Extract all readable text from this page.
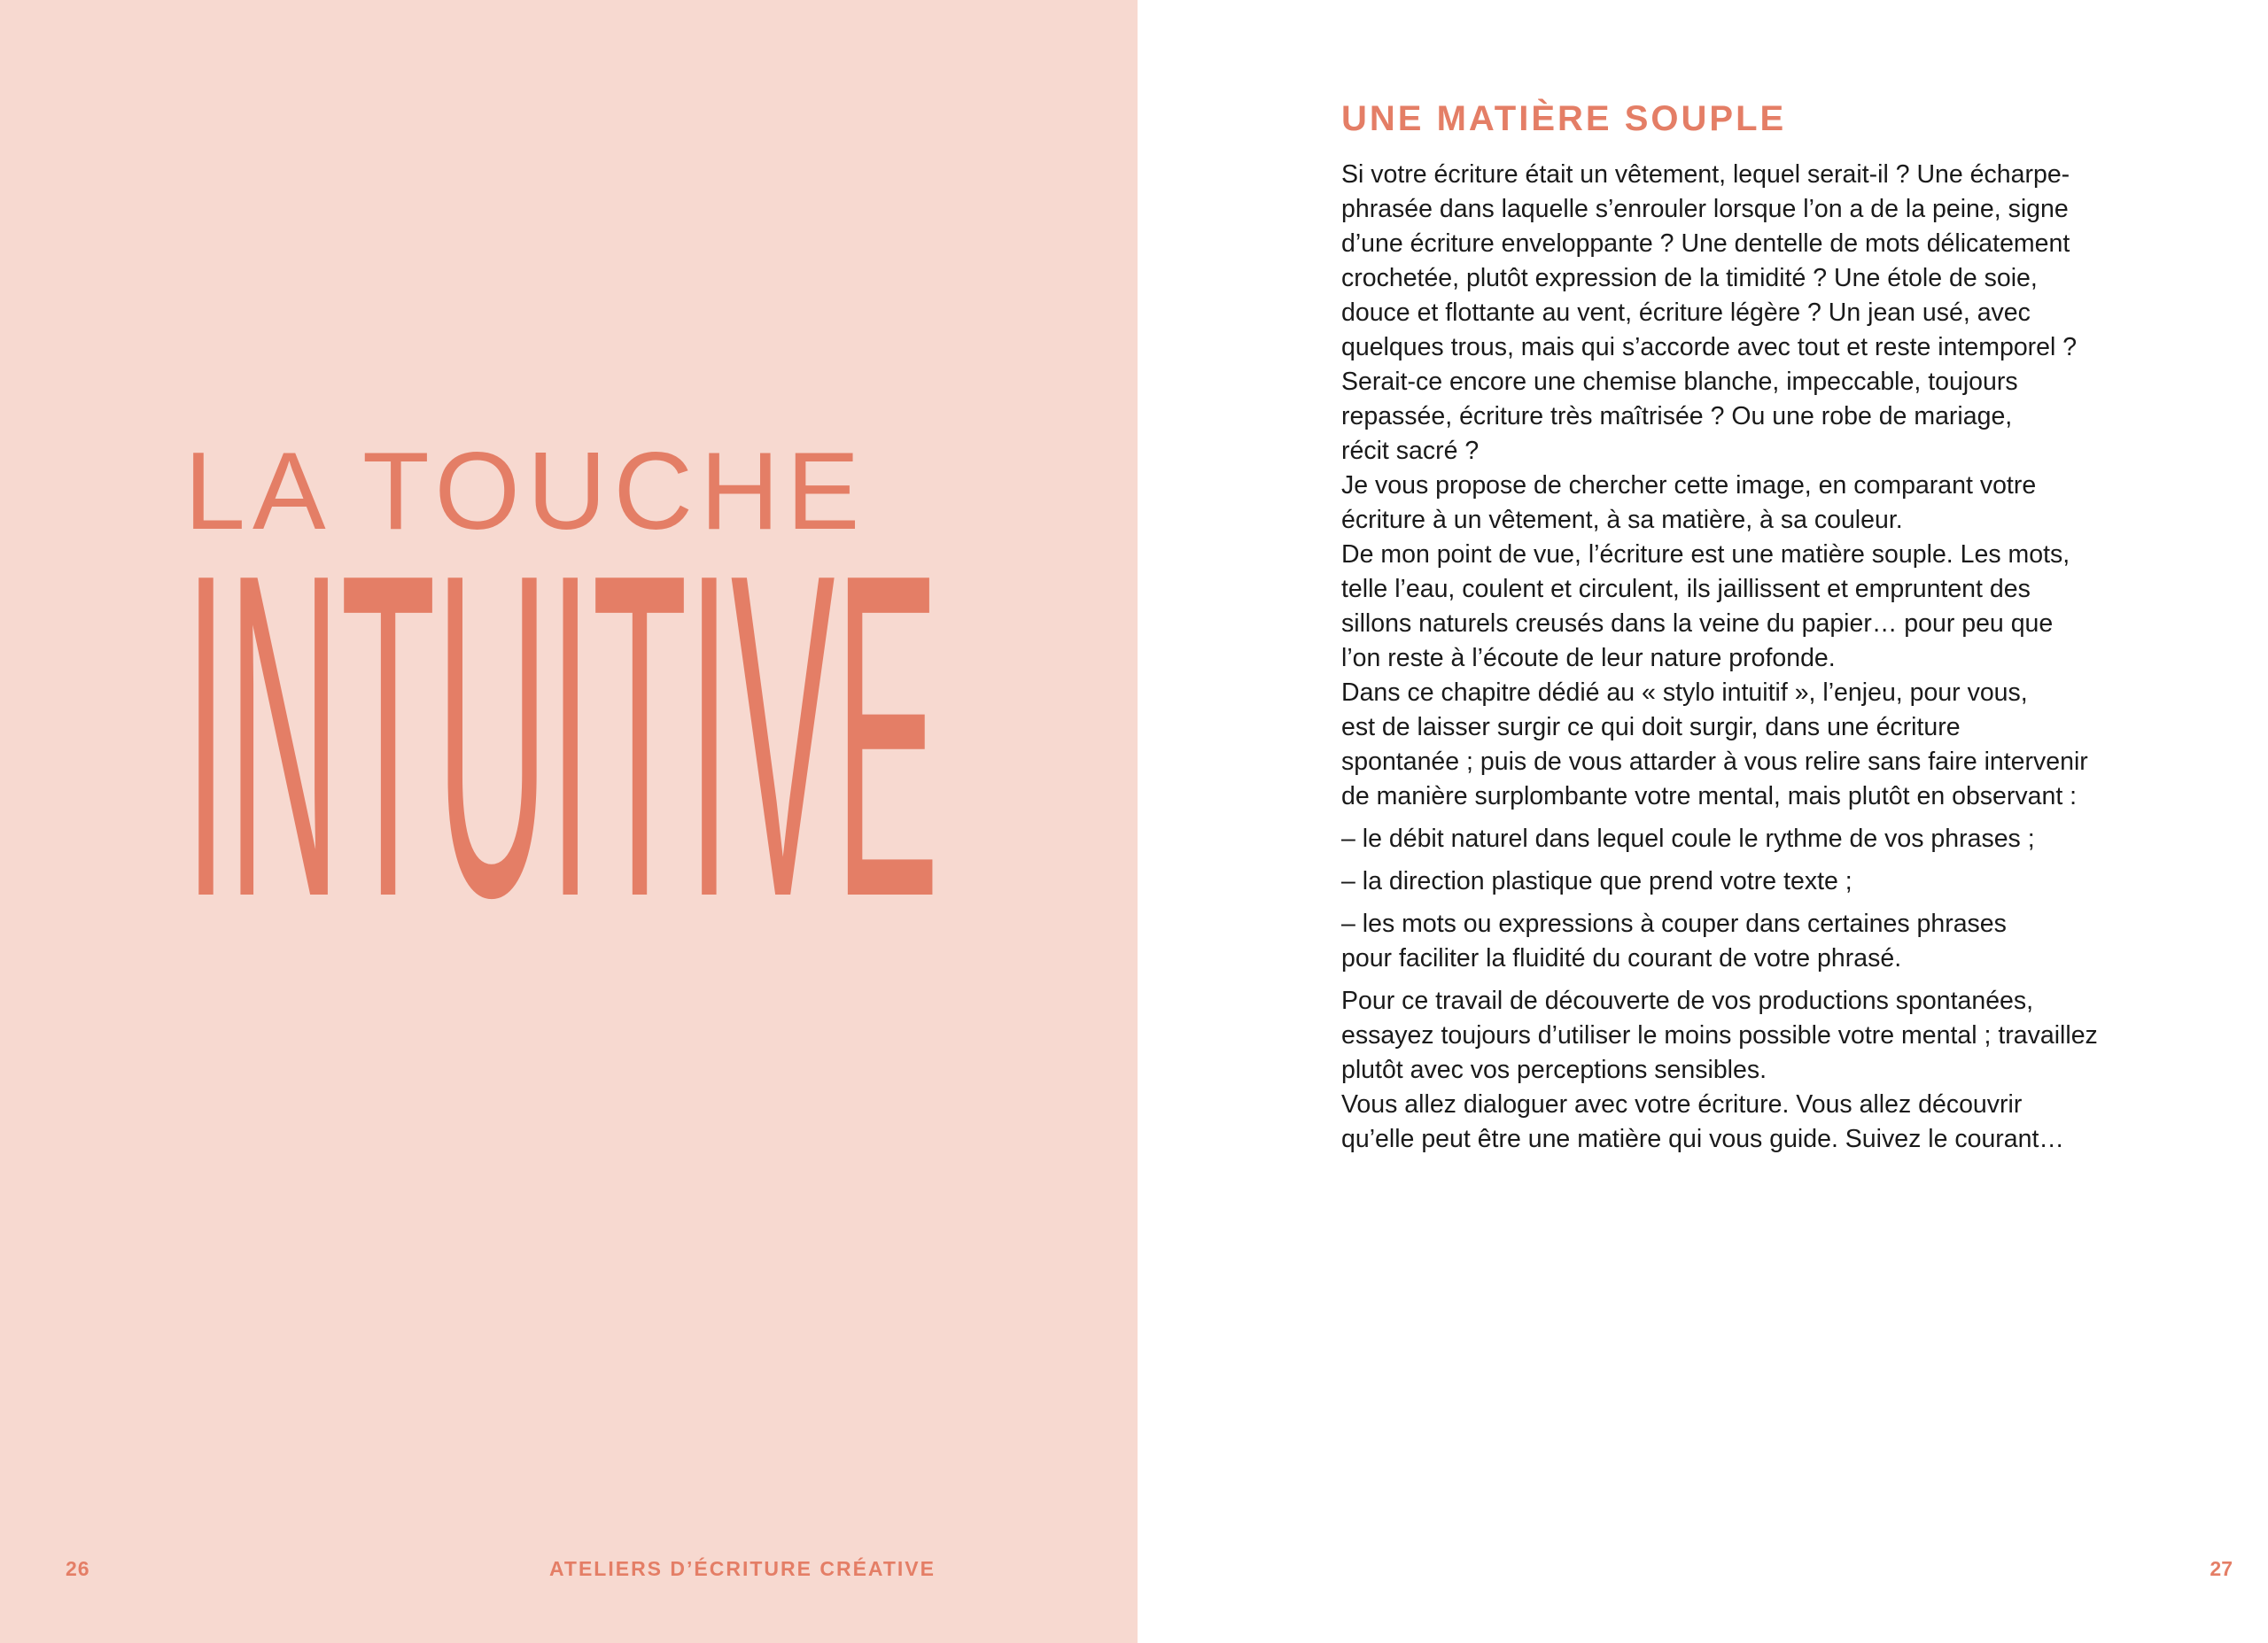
LA TOUCHE
INTUITIVE
26	ATELIERS D’ÉCRITURE CRÉATIVE
UNE MATIÈRE SOUPLE
Si votre écriture était un vêtement, lequel serait-il ? Une écharpe-
phrasée dans laquelle s’enrouler lorsque l’on a de la peine, signe
d’une écriture enveloppante ? Une dentelle de mots délicatement
crochetée, plutôt expression de la timidité ? Une étole de soie,
douce et flottante au vent, écriture légère ? Un jean usé, avec
quelques trous, mais qui s’accorde avec tout et reste intemporel ?
Serait-ce encore une chemise blanche, impeccable, toujours
repassée, écriture très maîtrisée ? Ou une robe de mariage,
récit sacré ?
Je vous propose de chercher cette image, en comparant votre
écriture à un vêtement, à sa matière, à sa couleur.
De mon point de vue, l’écriture est une matière souple. Les mots,
telle l’eau, coulent et circulent, ils jaillissent et empruntent des
sillons naturels creusés dans la veine du papier… pour peu que
l’on reste à l’écoute de leur nature profonde.
Dans ce chapitre dédié au « stylo intuitif », l’enjeu, pour vous,
est de laisser surgir ce qui doit surgir, dans une écriture
spontanée ; puis de vous attarder à vous relire sans faire intervenir
de manière surplombante votre mental, mais plutôt en observant :
– le débit naturel dans lequel coule le rythme de vos phrases ;
– la direction plastique que prend votre texte ;
– les mots ou expressions à couper dans certaines phrases
pour faciliter la fluidité du courant de votre phrasé.
Pour ce travail de découverte de vos productions spontanées,
essayez toujours d’utiliser le moins possible votre mental ; travaillez
plutôt avec vos perceptions sensibles.
Vous allez dialoguer avec votre écriture. Vous allez découvrir
qu’elle peut être une matière qui vous guide. Suivez le courant…
27
